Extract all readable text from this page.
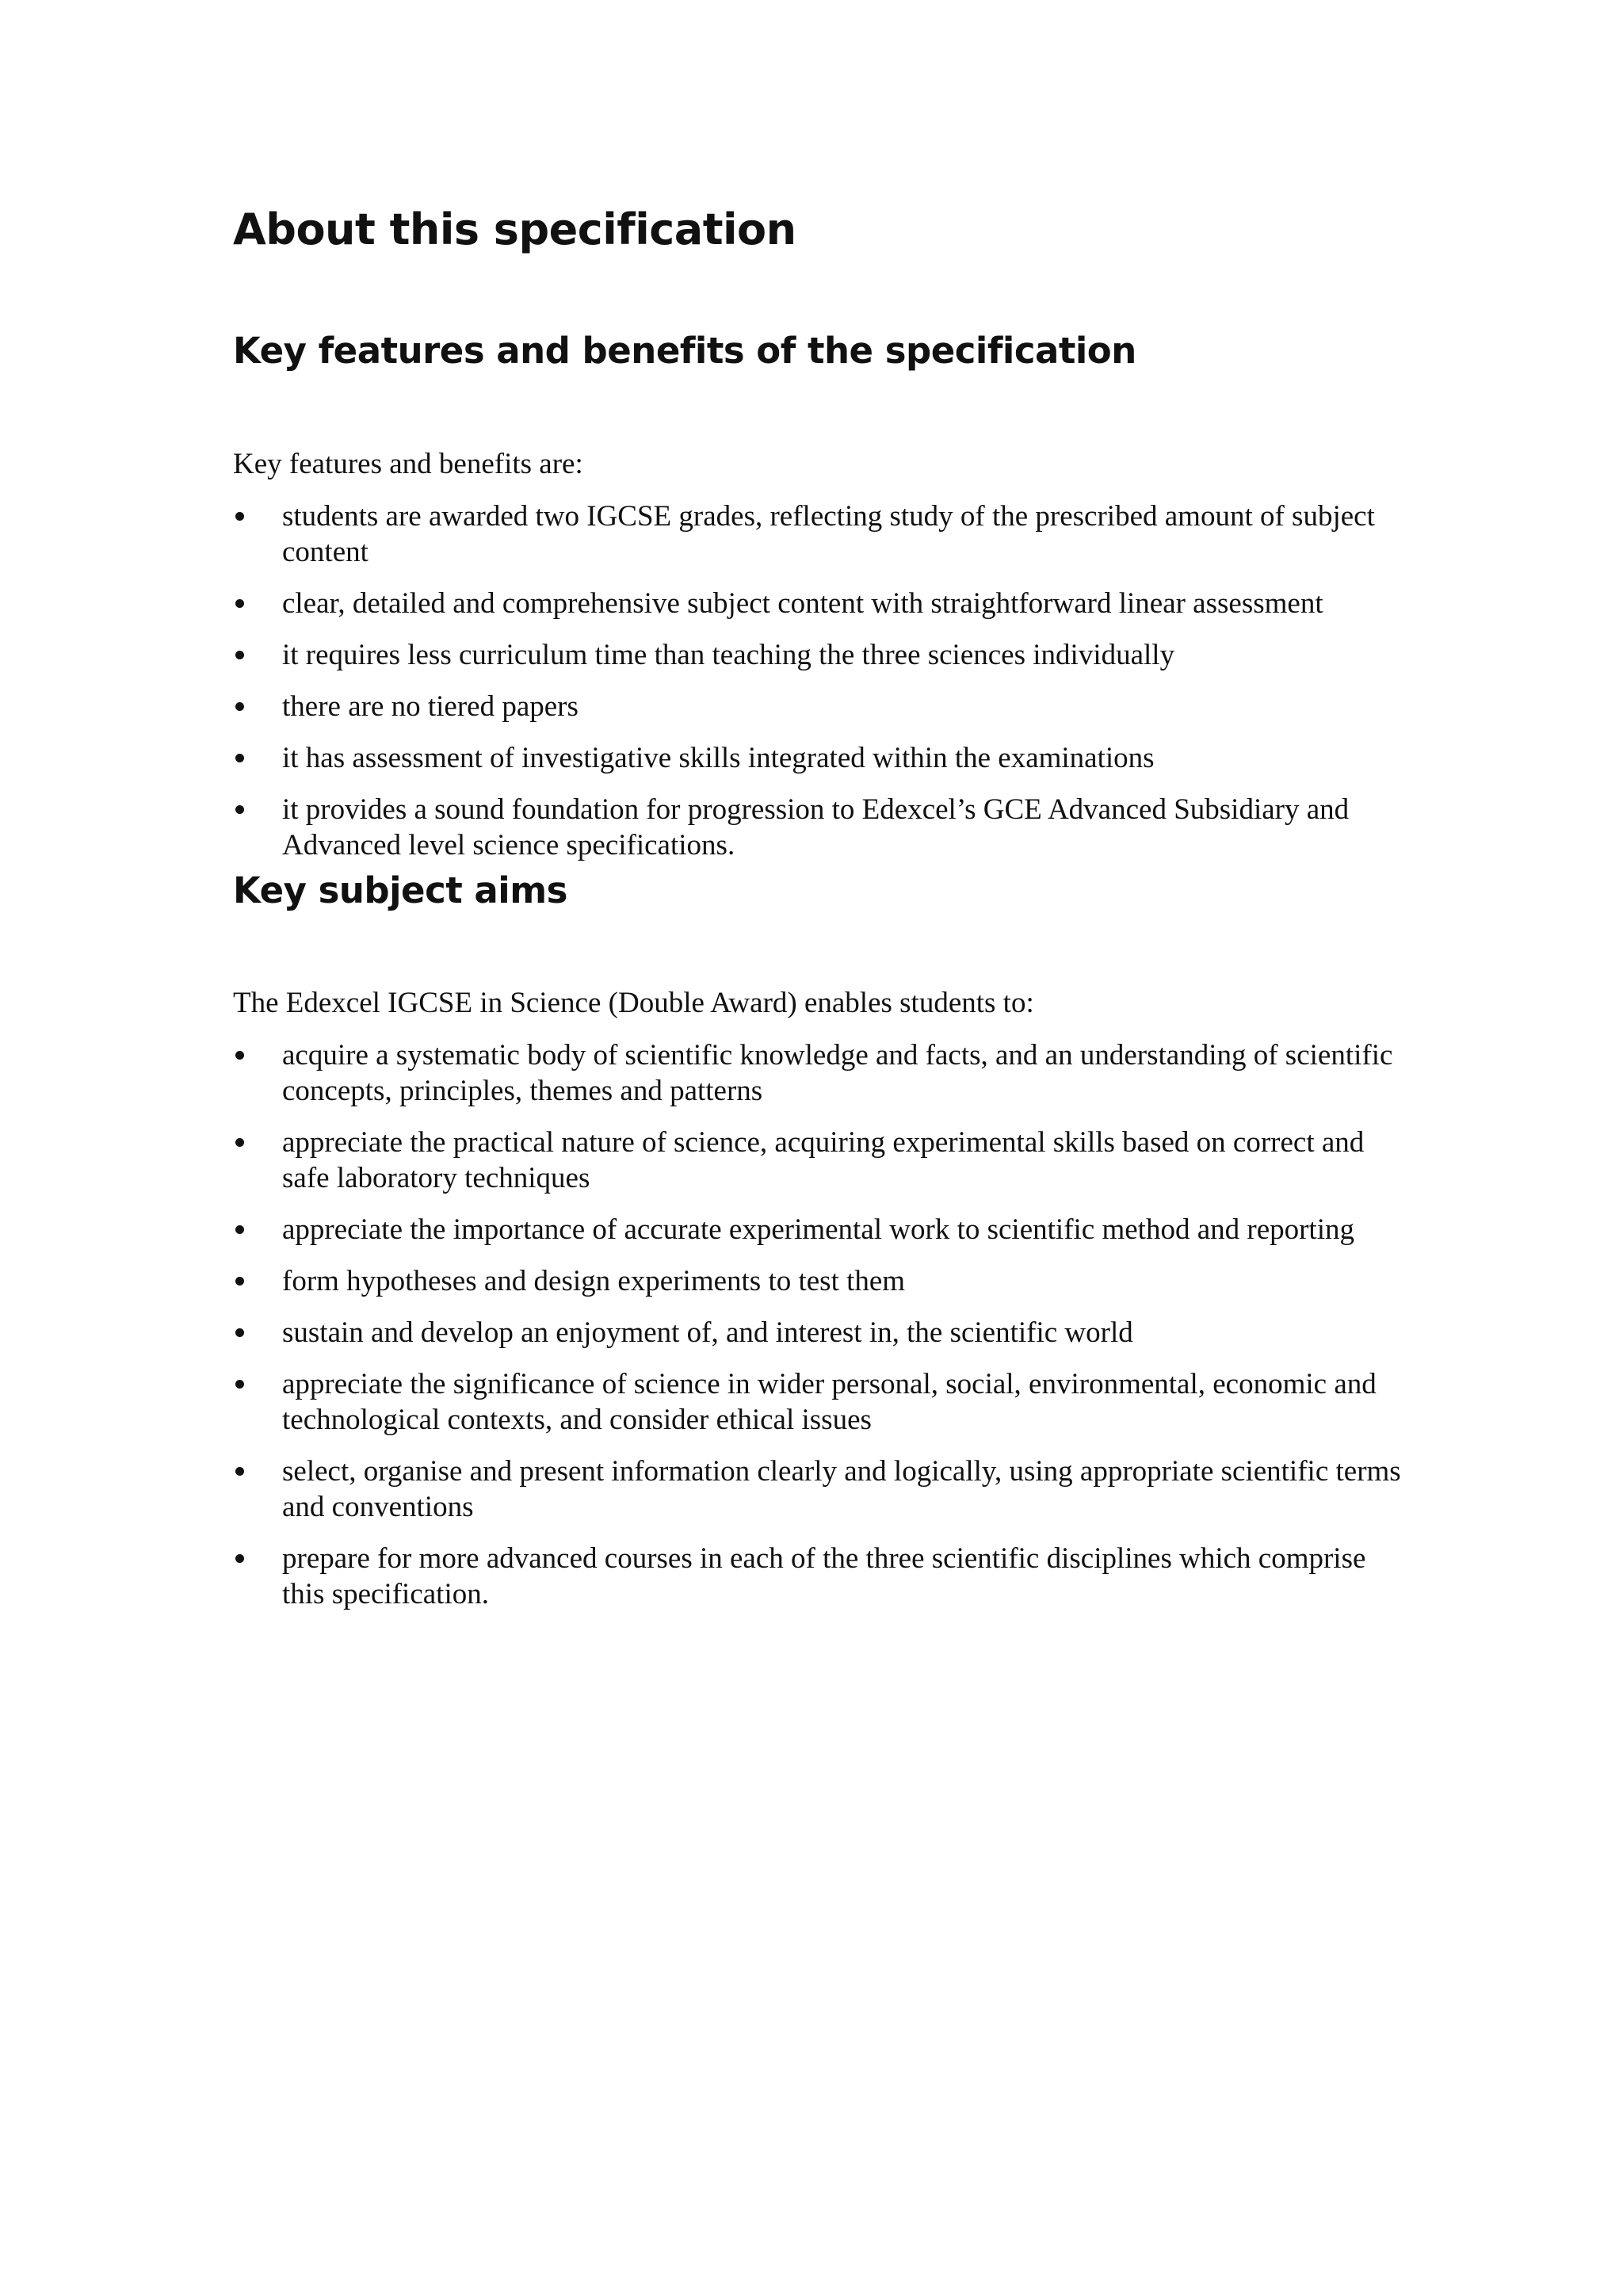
About this specification
Key features and benefits of the specification

Key features and benefits are:

students are awarded two IGCSE grades, reflecting study of the prescribed amount of subject content
clear, detailed and comprehensive subject content with straightforward linear assessment
it requires less curriculum time than teaching the three sciences individually
there are no tiered papers
it has assessment of investigative skills integrated within the examinations
it provides a sound foundation for progression to Edexcel’s GCE Advanced Subsidiary and Advanced level science specifications.
Key subject aims

The Edexcel IGCSE in Science (Double Award) enables students to:

acquire a systematic body of scientific knowledge and facts, and an understanding of scientific concepts, principles, themes and patterns
appreciate the practical nature of science, acquiring experimental skills based on correct and safe laboratory techniques
appreciate the importance of accurate experimental work to scientific method and reporting
form hypotheses and design experiments to test them
sustain and develop an enjoyment of, and interest in, the scientific world
appreciate the significance of science in wider personal, social, environmental, economic and technological contexts, and consider ethical issues
select, organise and present information clearly and logically, using appropriate scientific terms and conventions
prepare for more advanced courses in each of the three scientific disciplines which comprise this specification.
